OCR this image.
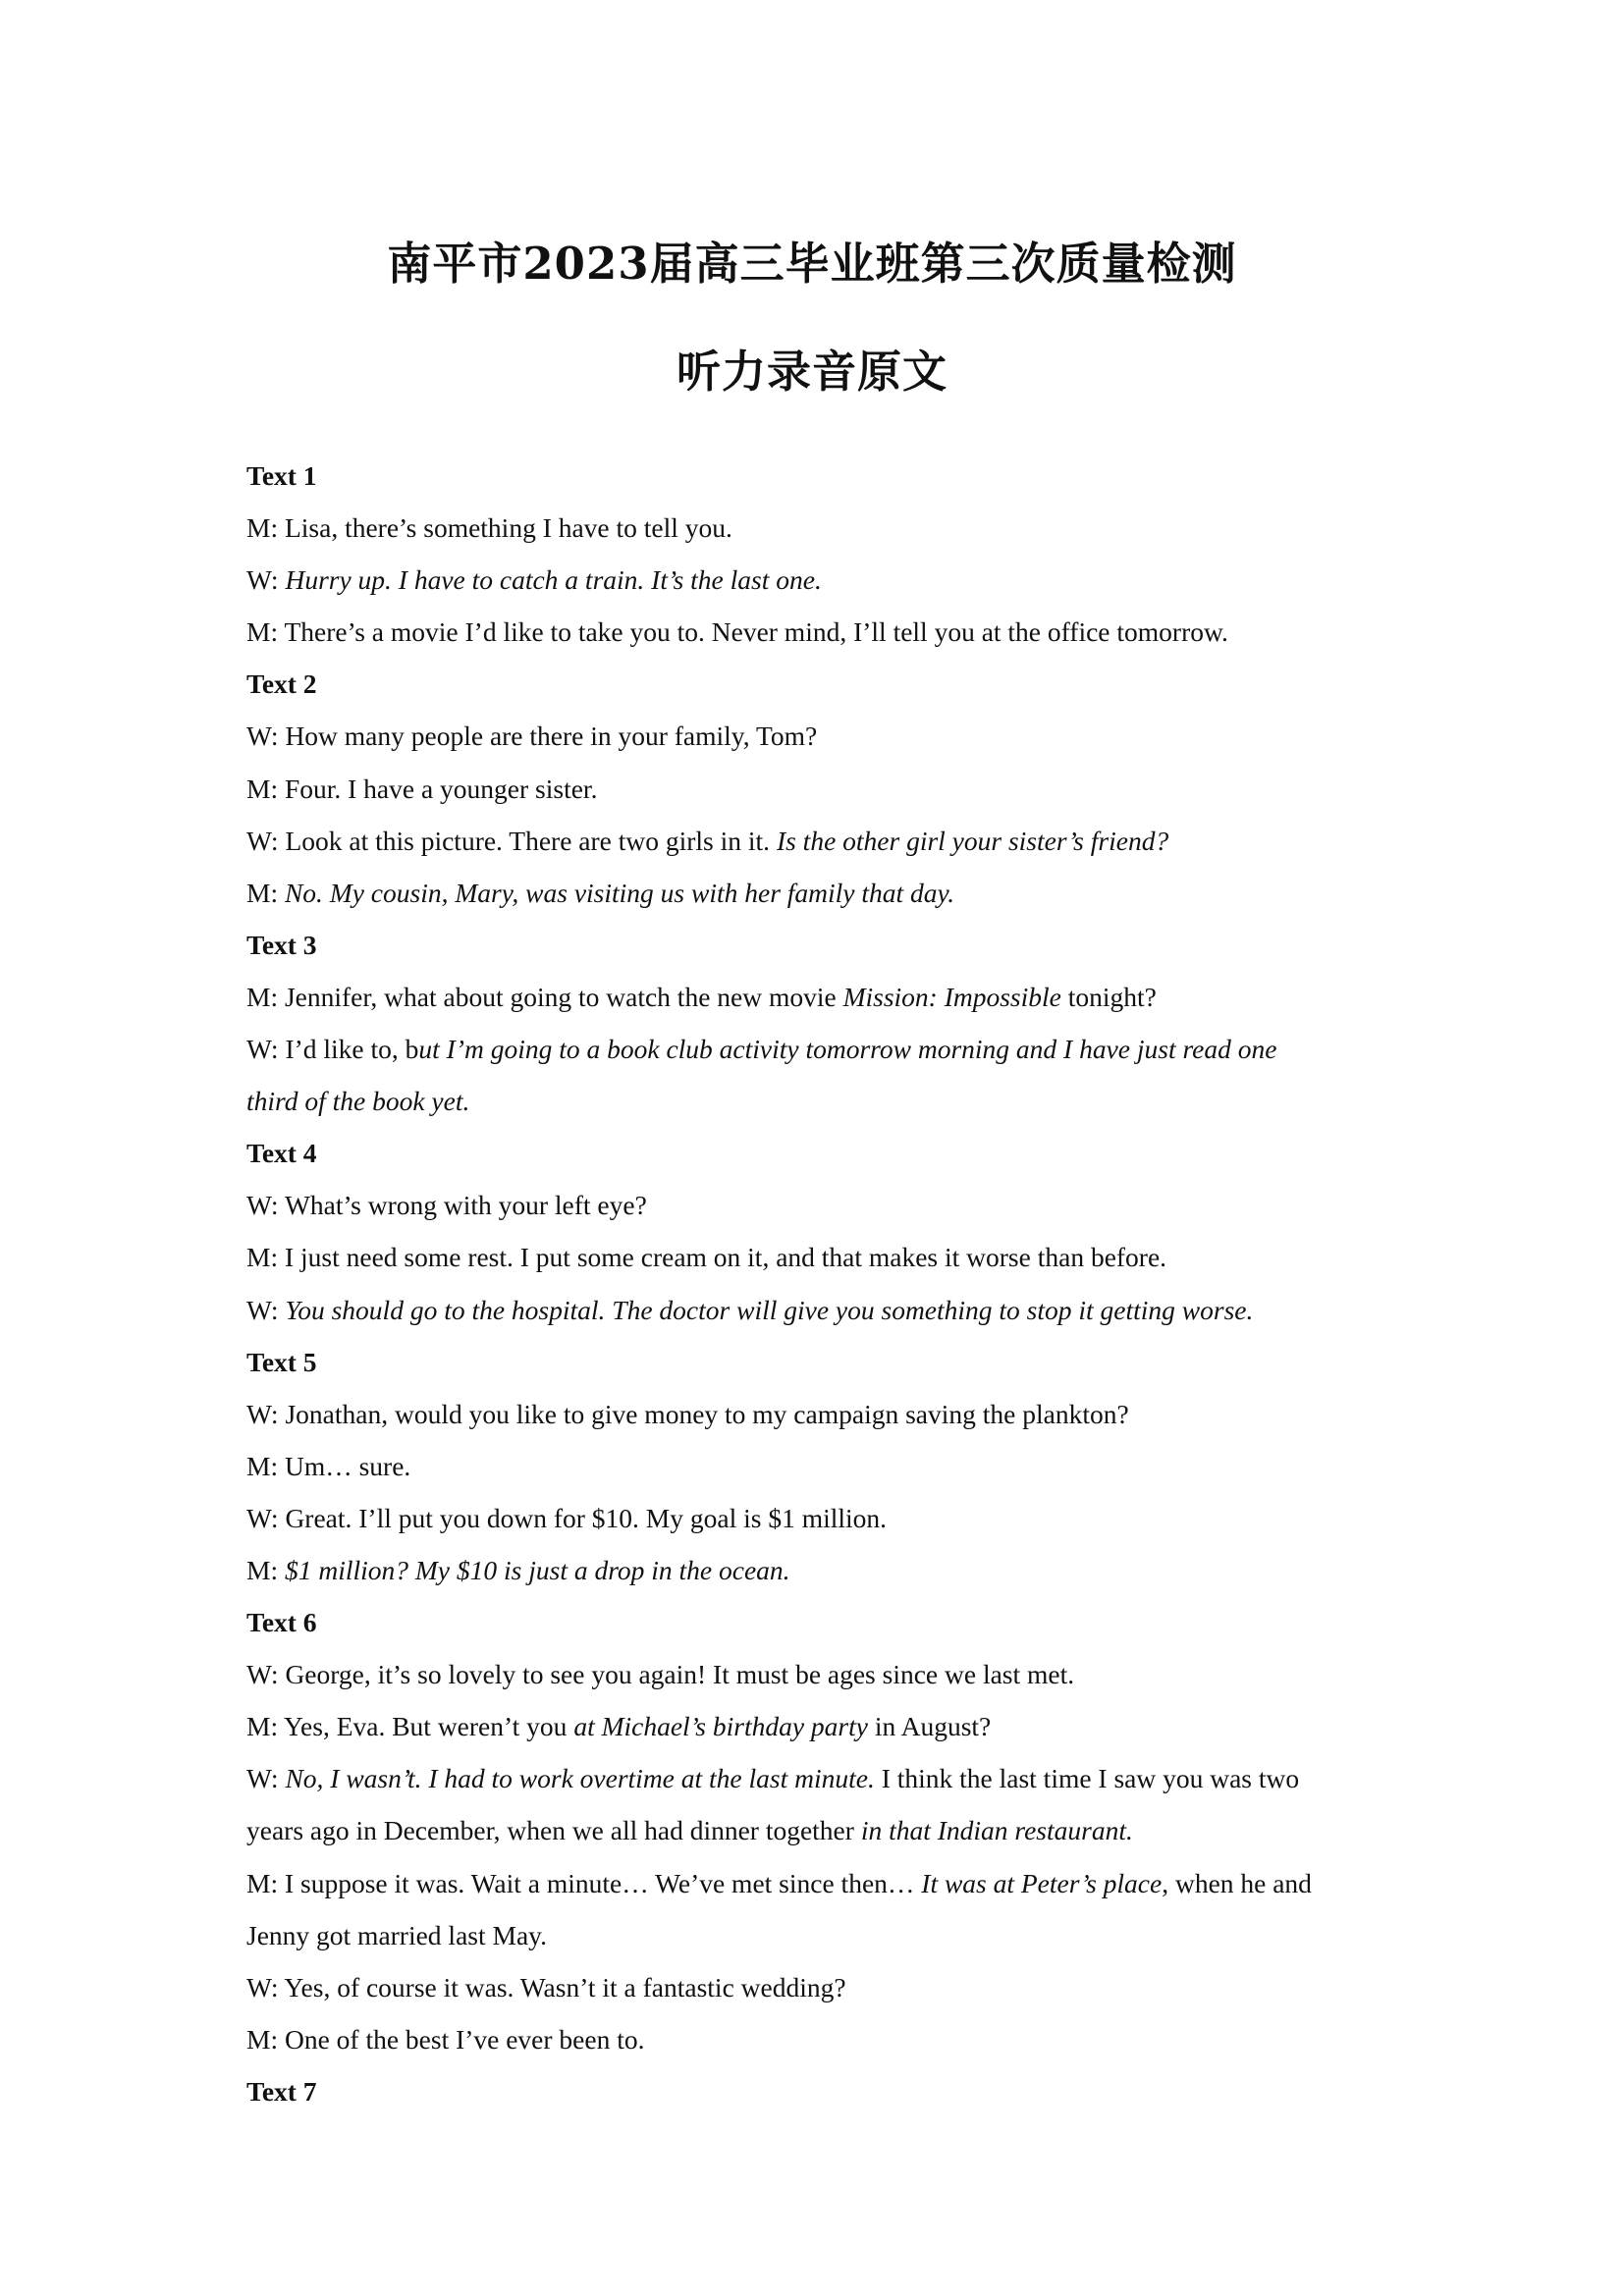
南平市2023届高三毕业班第三次质量检测
听力录音原文

Text 1

M: Lisa, there’s something I have to tell you.

W: Hurry up. I have to catch a train. It’s the last one.

M: There’s a movie I’d like to take you to. Never mind, I’ll tell you at the office tomorrow.

Text 2

W: How many people are there in your family, Tom?

M: Four. I have a younger sister.

W: Look at this picture. There are two girls in it. Is the other girl your sister’s friend?

M: No. My cousin, Mary, was visiting us with her family that day.

Text 3

M: Jennifer, what about going to watch the new movie Mission: Impossible tonight?

W: I’d like to, but I’m going to a book club activity tomorrow morning and I have just read one

third of the book yet.

Text 4

W: What’s wrong with your left eye?

M: I just need some rest. I put some cream on it, and that makes it worse than before.

W: You should go to the hospital. The doctor will give you something to stop it getting worse.

Text 5

W: Jonathan, would you like to give money to my campaign saving the plankton?

M: Um… sure.

W: Great. I’ll put you down for $10. My goal is $1 million.

M: $1 million? My $10 is just a drop in the ocean.

Text 6

W: George, it’s so lovely to see you again! It must be ages since we last met.

M: Yes, Eva. But weren’t you at Michael’s birthday party in August?

W: No, I wasn’t. I had to work overtime at the last minute. I think the last time I saw you was two

years ago in December, when we all had dinner together in that Indian restaurant.

M: I suppose it was. Wait a minute… We’ve met since then… It was at Peter’s place, when he and

Jenny got married last May.

W: Yes, of course it was. Wasn’t it a fantastic wedding?

M: One of the best I’ve ever been to.

Text 7
